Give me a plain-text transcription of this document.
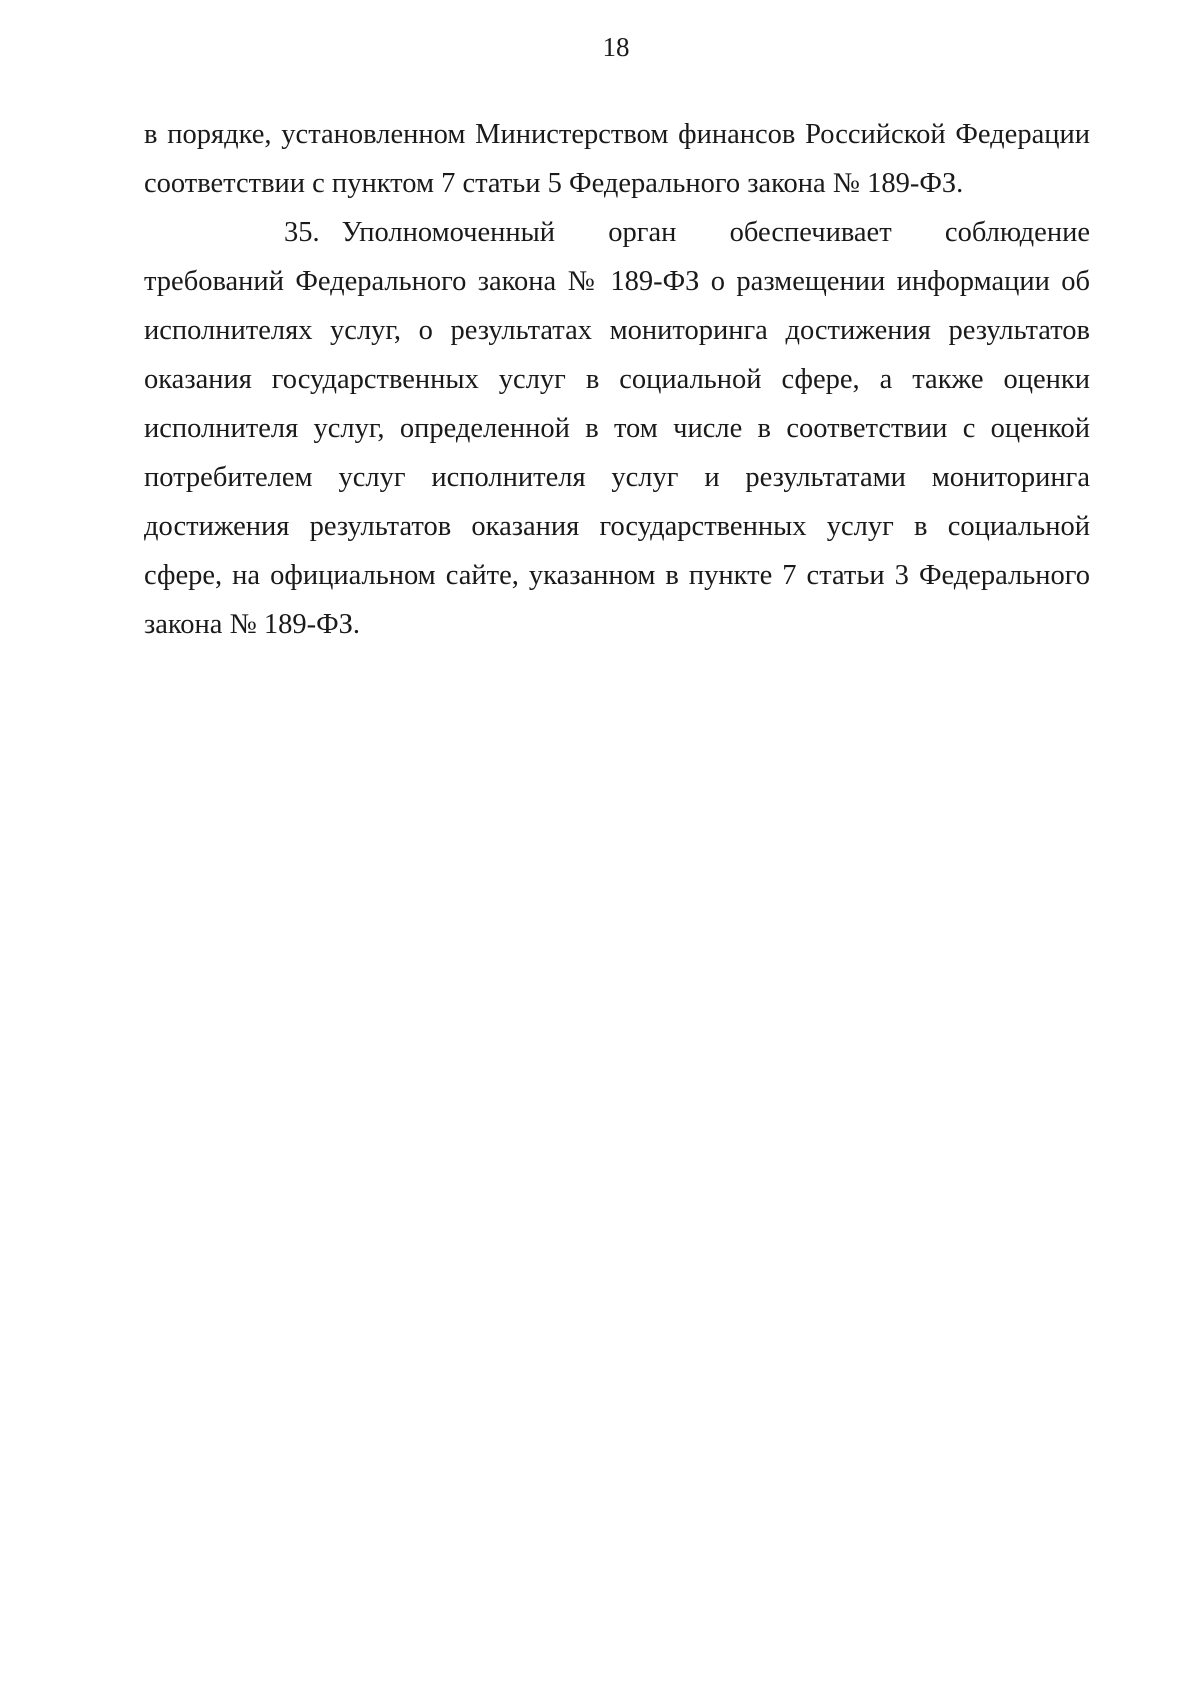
18

в порядке, установленном Министерством финансов Российской Федерации соответствии с пунктом 7 статьи 5 Федерального закона № 189-ФЗ.

35. Уполномоченный орган обеспечивает соблюдение требований Федерального закона № 189-ФЗ о размещении информации об исполнителях услуг, о результатах мониторинга достижения результатов оказания государственных услуг в социальной сфере, а также оценки исполнителя услуг, определенной в том числе в соответствии с оценкой потребителем услуг исполнителя услуг и результатами мониторинга достижения результатов оказания государственных услуг в социальной сфере, на официальном сайте, указанном в пункте 7 статьи 3 Федерального закона № 189-ФЗ.
